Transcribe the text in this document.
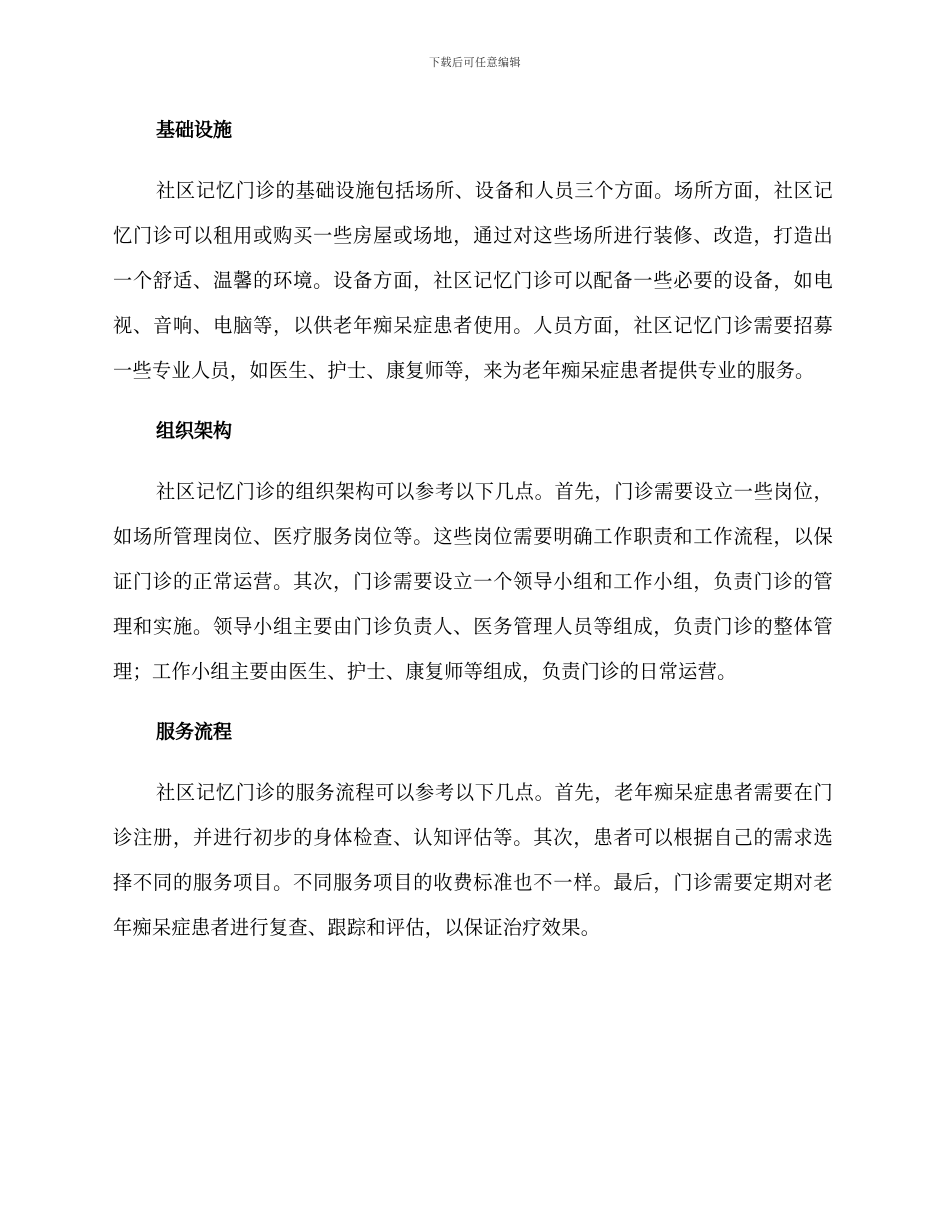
下载后可任意编辑
基础设施

社区记忆门诊的基础设施包括场所、设备和人员三个方面。场所方面，社区记忆门诊可以租用或购买一些房屋或场地，通过对这些场所进行装修、改造，打造出一个舒适、温馨的环境。设备方面，社区记忆门诊可以配备一些必要的设备，如电视、音响、电脑等，以供老年痴呆症患者使用。人员方面，社区记忆门诊需要招募一些专业人员，如医生、护士、康复师等，来为老年痴呆症患者提供专业的服务。

组织架构

社区记忆门诊的组织架构可以参考以下几点。首先，门诊需要设立一些岗位，如场所管理岗位、医疗服务岗位等。这些岗位需要明确工作职责和工作流程，以保证门诊的正常运营。其次，门诊需要设立一个领导小组和工作小组，负责门诊的管理和实施。领导小组主要由门诊负责人、医务管理人员等组成，负责门诊的整体管理；工作小组主要由医生、护士、康复师等组成，负责门诊的日常运营。

服务流程

社区记忆门诊的服务流程可以参考以下几点。首先，老年痴呆症患者需要在门诊注册，并进行初步的身体检查、认知评估等。其次，患者可以根据自己的需求选择不同的服务项目。不同服务项目的收费标准也不一样。最后，门诊需要定期对老年痴呆症患者进行复查、跟踪和评估，以保证治疗效果。
